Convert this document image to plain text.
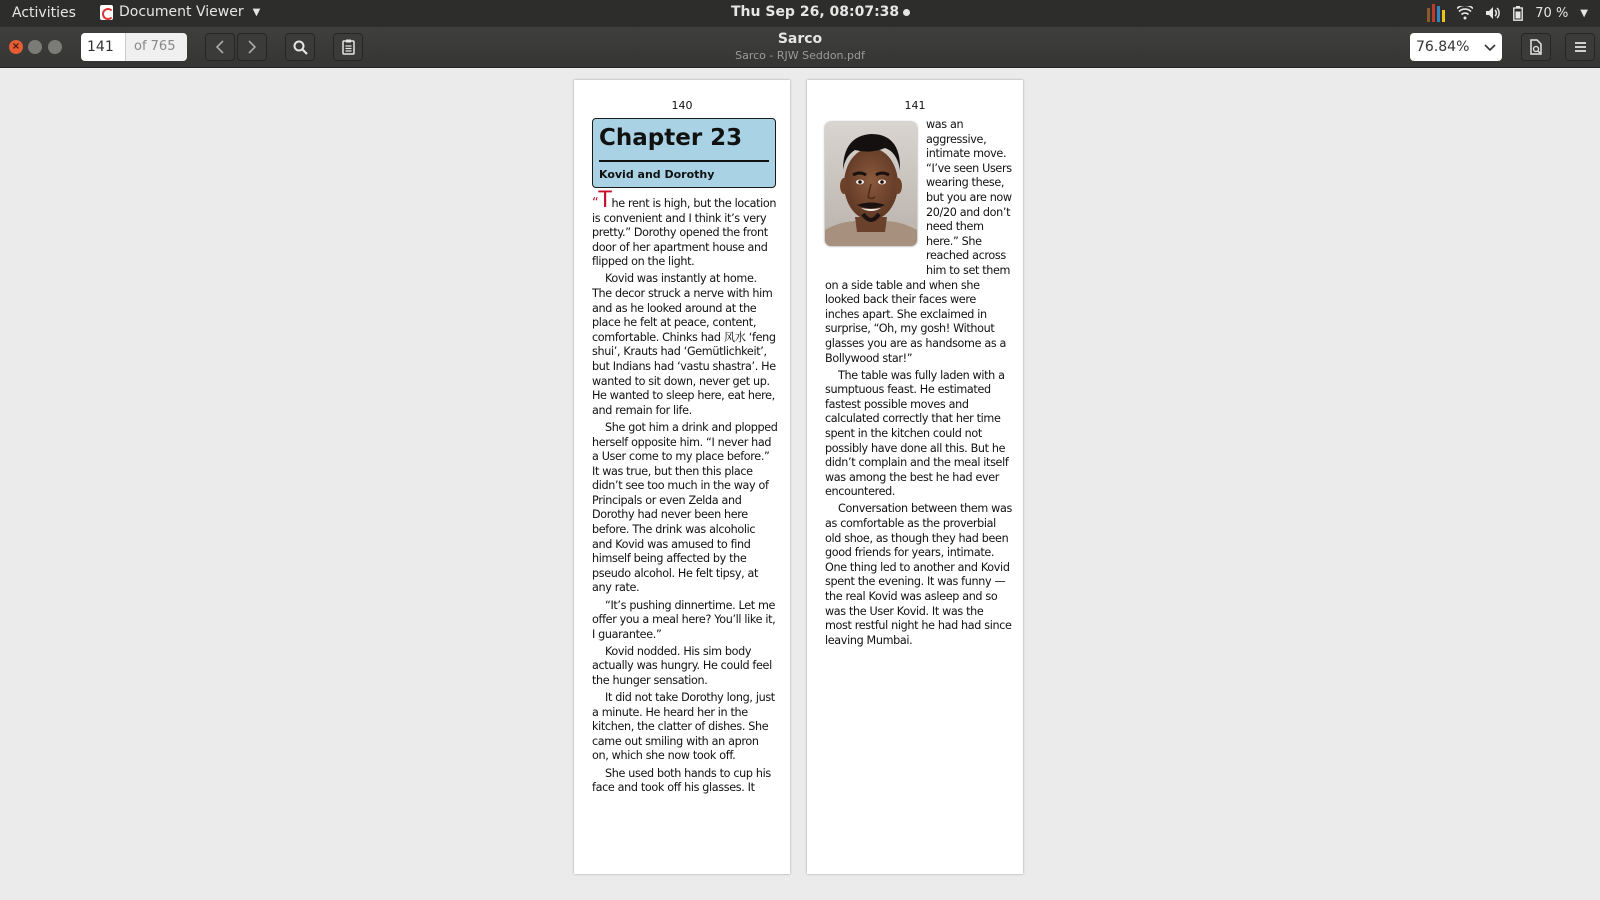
Activities	Document Viewer ▼	Thu Sep 26, 08:07:38	70 % ▼
×	141	of 765	Sarco
Sarco - RJW Seddon.pdf
76.84%
140
Chapter 23
Kovid and Dorothy

“The rent is high, but the location is convenient and I think it’s very pretty.” Dorothy opened the front door of her apartment house and flipped on the light.

Kovid was instantly at home. The decor struck a nerve with him and as he looked around at the place he felt at peace, content, comfortable. Chinks had 风水 ‘feng shui’, Krauts had ‘Gemütlichkeit’, but Indians had ‘vastu shastra’. He wanted to sit down, never get up. He wanted to sleep here, eat here, and remain for life.

She got him a drink and plopped herself opposite him. “I never had a User come to my place before.” It was true, but then this place didn’t see too much in the way of Principals or even Zelda and Dorothy had never been here before. The drink was alcoholic and Kovid was amused to find himself being affected by the pseudo alcohol. He felt tipsy, at any rate.

“It’s pushing dinnertime. Let me offer you a meal here? You’ll like it, I guarantee.”

Kovid nodded. His sim body actually was hungry. He could feel the hunger sensation.

It did not take Dorothy long, just a minute. He heard her in the kitchen, the clatter of dishes. She came out smiling with an apron on, which she now took off.

She used both hands to cup his face and took off his glasses. It

141

was an aggressive, intimate move. “I’ve seen Users wearing these, but you are now 20/20 and don’t need them here.” She reached across him to set them on a side table and when she looked back their faces were inches apart. She exclaimed in surprise, “Oh, my gosh! Without glasses you are as handsome as a Bollywood star!”

The table was fully laden with a sumptuous feast. He estimated fastest possible moves and calculated correctly that her time spent in the kitchen could not possibly have done all this. But he didn’t complain and the meal itself was among the best he had ever encountered.

Conversation between them was as comfortable as the proverbial old shoe, as though they had been good friends for years, intimate. One thing led to another and Kovid spent the evening. It was funny — the real Kovid was asleep and so was the User Kovid. It was the most restful night he had had since leaving Mumbai.
